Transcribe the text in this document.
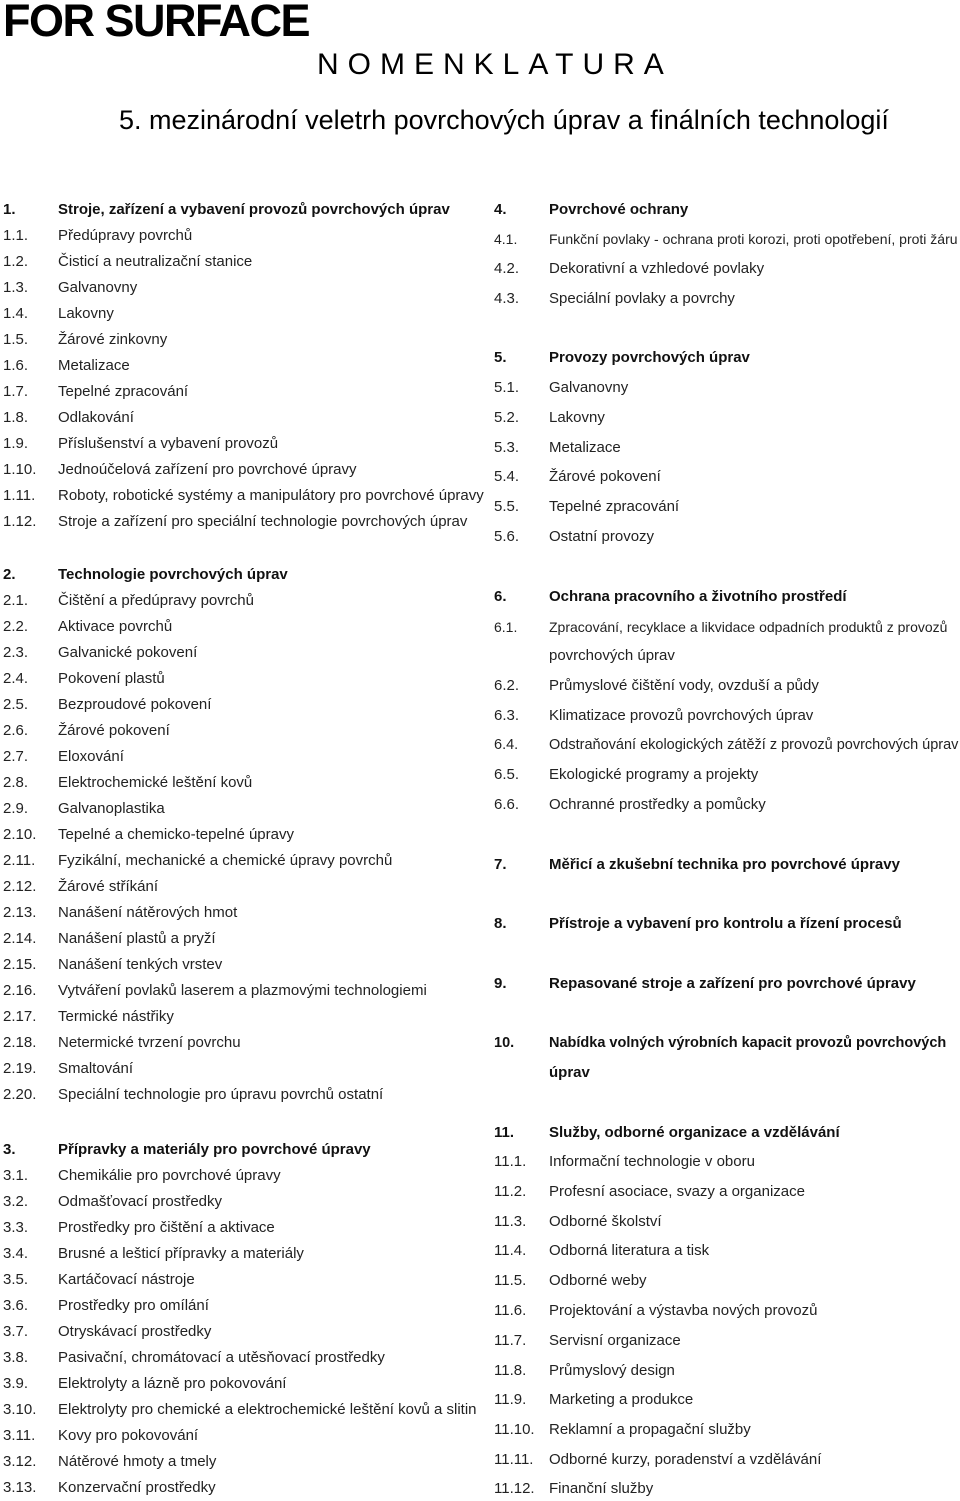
FOR SURFACE
NOMENKLATURA
5. mezinárodní veletrh povrchových úprav a finálních technologií
1.	Stroje, zařízení a vybavení provozů povrchových úprav
1.1. Předúpravy povrchů
1.2. Čisticí a neutralizační stanice
1.3. Galvanovny
1.4. Lakovny
1.5. Žárové zinkovny
1.6. Metalizace
1.7. Tepelné zpracování
1.8. Odlakování
1.9. Příslušenství a vybavení provozů
1.10. Jednoúčelová zařízení pro povrchové úpravy
1.11. Roboty, robotické systémy a manipulátory pro povrchové úpravy
1.12. Stroje a zařízení pro speciální technologie povrchových úprav
2.	Technologie povrchových úprav
2.1. Čištění a předúpravy povrchů
2.2. Aktivace povrchů
2.3. Galvanické pokovení
2.4. Pokovení plastů
2.5. Bezproudové pokovení
2.6. Žárové pokovení
2.7. Eloxování
2.8. Elektrochemické leštění kovů
2.9. Galvanoplastika
2.10. Tepelné a chemicko-tepelné úpravy
2.11. Fyzikální, mechanické a chemické úpravy povrchů
2.12. Žárové stříkání
2.13. Nanášení nátěrových hmot
2.14. Nanášení plastů a pryží
2.15. Nanášení tenkých vrstev
2.16. Vytváření povlaků laserem a plazmovými technologiemi
2.17. Termické nástřiky
2.18. Netermické tvrzení povrchu
2.19. Smaltování
2.20. Speciální technologie pro úpravu povrchů ostatní
3.	Přípravky a materiály pro povrchové úpravy
3.1. Chemikálie pro povrchové úpravy
3.2. Odmašťovací prostředky
3.3. Prostředky pro čištění a aktivace
3.4. Brusné a lešticí přípravky a materiály
3.5. Kartáčovací nástroje
3.6. Prostředky pro omílání
3.7. Otryskávací prostředky
3.8. Pasivační, chromátovací a utěsňovací prostředky
3.9. Elektrolyty a lázně pro pokovování
3.10. Elektrolyty pro chemické a elektrochemické leštění kovů a slitin
3.11. Kovy pro pokovování
3.12. Nátěrové hmoty a tmely
3.13. Konzervační prostředky
4.	Povrchové ochrany
4.1. Funkční povlaky - ochrana proti korozi, proti opotřebení, proti žáru
4.2. Dekorativní a vzhledové povlaky
4.3. Speciální povlaky a povrchy
5.	Provozy povrchových úprav
5.1. Galvanovny
5.2. Lakovny
5.3. Metalizace
5.4. Žárové pokovení
5.5. Tepelné zpracování
5.6. Ostatní provozy
6.	Ochrana pracovního a životního prostředí
6.1. Zpracování, recyklace a likvidace odpadních produktů z provozů
povrchových úprav
6.2. Průmyslové čištění vody, ovzduší a půdy
6.3. Klimatizace provozů povrchových úprav
6.4. Odstraňování ekologických zátěží z provozů povrchových úprav
6.5. Ekologické programy a projekty
6.6. Ochranné prostředky a pomůcky
7.	Měřicí a zkušební technika pro povrchové úpravy
8.	Přístroje a vybavení pro kontrolu a řízení procesů
9.	Repasované stroje a zařízení pro povrchové úpravy
10. Nabídka volných výrobních kapacit provozů povrchových
úprav
11. Služby, odborné organizace a vzdělávání
11.1. Informační technologie v oboru
11.2. Profesní asociace, svazy a organizace
11.3. Odborné školství
11.4. Odborná literatura a tisk
11.5. Odborné weby
11.6. Projektování a výstavba nových provozů
11.7. Servisní organizace
11.8. Průmyslový design
11.9. Marketing a produkce
11.10. Reklamní a propagační služby
11.11. Odborné kurzy, poradenství a vzdělávání
11.12. Finanční služby
